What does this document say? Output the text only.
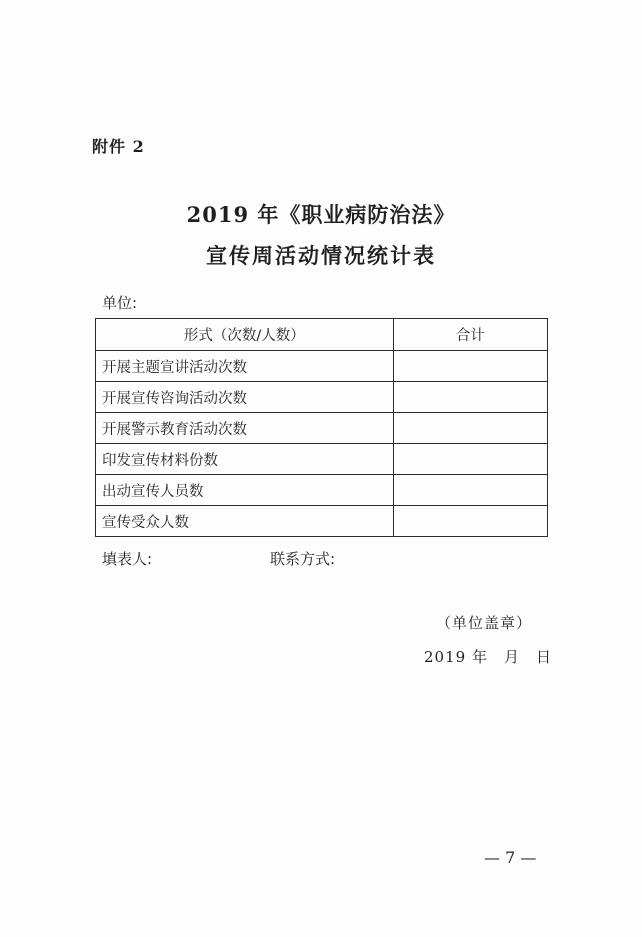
附件 2
2019 年《职业病防治法》
宣传周活动情况统计表
单位:
形式（次数/人数）	合计
开展主题宣讲活动次数	
开展宣传咨询活动次数	
开展警示教育活动次数	
印发宣传材料份数	
出动宣传人员数	
宣传受众人数	
填表人:	联系方式:
（单位盖章）
2019 年　月　日
— 7 —
